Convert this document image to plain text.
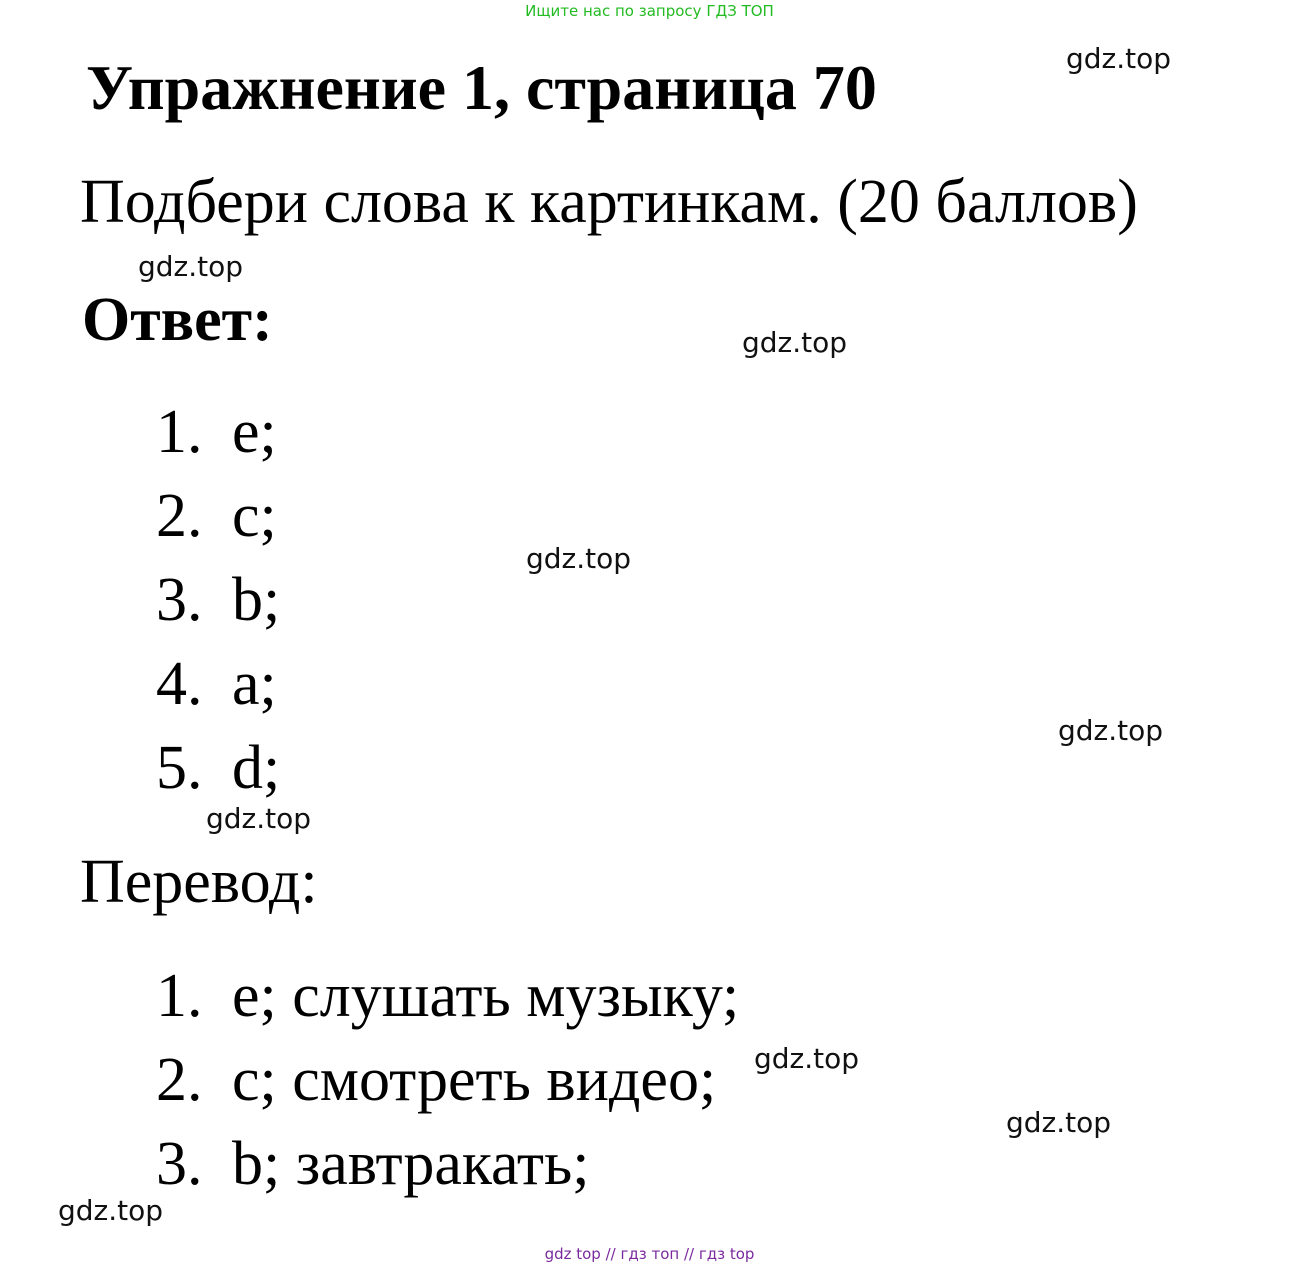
Ищите нас по запросу ГДЗ ТОП
Упражнение 1, страница 70
Подбери слова к картинкам. (20 баллов)
Ответ:
1. e;
2. c;
3. b;
4. a;
5. d;
Перевод:
1. e; слушать музыку;
2. c; смотреть видео;
3. b; завтракать;
gdz.top
gdz.top
gdz.top
gdz.top
gdz.top
gdz.top
gdz.top
gdz.top
gdz.top
gdz top // гдз топ // гдз top
